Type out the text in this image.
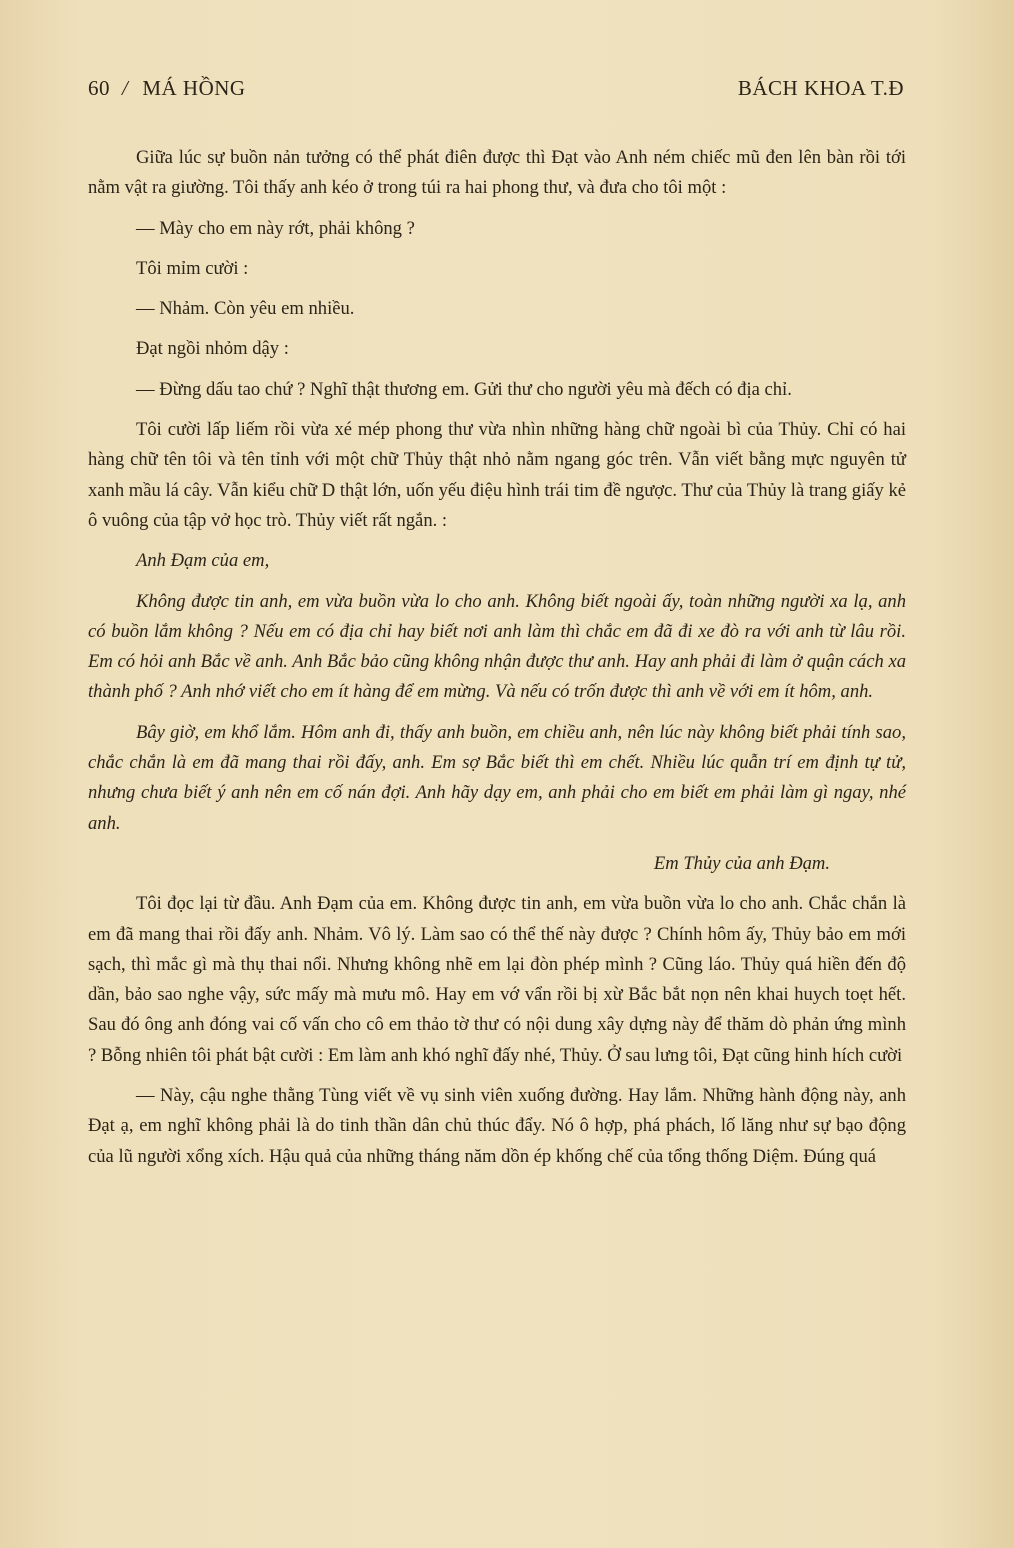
60 / MÁ HỒNG	BÁCH KHOA T.Đ

Giữa lúc sự buồn nản tưởng có thể phát điên được thì Đạt vào Anh ném chiếc mũ đen lên bàn rồi tới nằm vật ra giường. Tôi thấy anh kéo ở trong túi ra hai phong thư, và đưa cho tôi một :

— Mày cho em này rớt, phải không ?

Tôi mỉm cười :

— Nhảm. Còn yêu em nhiều.

Đạt ngồi nhỏm dậy :

— Đừng dấu tao chứ ? Nghĩ thật thương em. Gửi thư cho người yêu mà đếch có địa chỉ.

Tôi cười lấp liếm rồi vừa xé mép phong thư vừa nhìn những hàng chữ ngoài bì của Thủy. Chỉ có hai hàng chữ tên tôi và tên tỉnh với một chữ Thủy thật nhỏ nằm ngang góc trên. Vẫn viết bằng mực nguyên tử xanh mầu lá cây. Vẫn kiểu chữ D thật lớn, uốn yếu điệu hình trái tim đề ngược. Thư của Thủy là trang giấy kẻ ô vuông của tập vở học trò. Thủy viết rất ngắn. :

Anh Đạm của em,

Không được tin anh, em vừa buồn vừa lo cho anh. Không biết ngoài ấy, toàn những người xa lạ, anh có buồn lắm không ? Nếu em có địa chỉ hay biết nơi anh làm thì chắc em đã đi xe đò ra với anh từ lâu rồi. Em có hỏi anh Bắc về anh. Anh Bắc bảo cũng không nhận được thư anh. Hay anh phải đi làm ở quận cách xa thành phố ? Anh nhớ viết cho em ít hàng để em mừng. Và nếu có trốn được thì anh về với em ít hôm, anh.

Bây giờ, em khổ lắm. Hôm anh đi, thấy anh buồn, em chiều anh, nên lúc này không biết phải tính sao, chắc chắn là em đã mang thai rồi đấy, anh. Em sợ Bắc biết thì em chết. Nhiều lúc quẫn trí em định tự tử, nhưng chưa biết ý anh nên em cố nán đợi. Anh hãy dạy em, anh phải cho em biết em phải làm gì ngay, nhé anh.

Em Thủy của anh Đạm.

Tôi đọc lại từ đầu. Anh Đạm của em. Không được tin anh, em vừa buồn vừa lo cho anh. Chắc chắn là em đã mang thai rồi đấy anh. Nhảm. Vô lý. Làm sao có thể thế này được ? Chính hôm ấy, Thủy bảo em mới sạch, thì mắc gì mà thụ thai nổi. Nhưng không nhẽ em lại đòn phép mình ? Cũng láo. Thủy quá hiền đến độ dần, bảo sao nghe vậy, sức mấy mà mưu mô. Hay em vớ vẩn rồi bị xừ Bắc bắt nọn nên khai huych toẹt hết. Sau đó ông anh đóng vai cố vấn cho cô em thảo tờ thư có nội dung xây dựng này để thăm dò phản ứng mình ? Bỗng nhiên tôi phát bật cười : Em làm anh khó nghĩ đấy nhé, Thủy. Ở sau lưng tôi, Đạt cũng hinh hích cười

— Này, cậu nghe thằng Tùng viết về vụ sinh viên xuống đường. Hay lắm. Những hành động này, anh Đạt ạ, em nghĩ không phải là do tinh thần dân chủ thúc đẩy. Nó ô hợp, phá phách, lố lăng như sự bạo động của lũ người xổng xích. Hậu quả của những tháng năm dồn ép khống chế của tổng thống Diệm. Đúng quá
